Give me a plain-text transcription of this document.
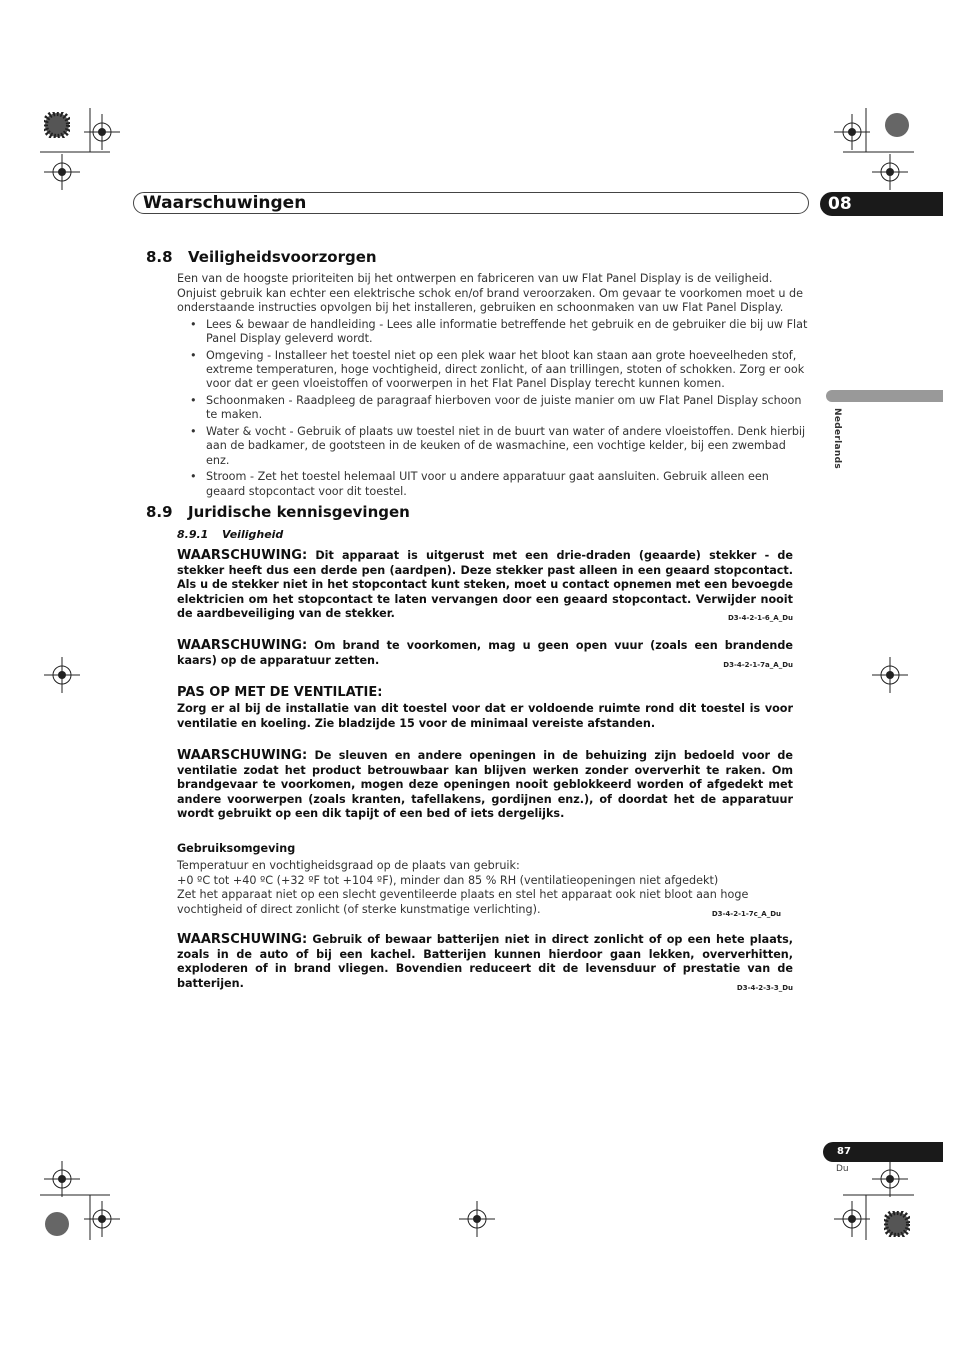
Waarschuwingen	08
Nederlands
8.8 Veiligheidsvoorzorgen

Een van de hoogste prioriteiten bij het ontwerpen en fabriceren van uw Flat Panel Display is de veiligheid. Onjuist gebruik kan echter een elektrische schok en/of brand veroorzaken. Om gevaar te voorkomen moet u de onderstaande instructies opvolgen bij het installeren, gebruiken en schoonmaken van uw Flat Panel Display.

• Lees & bewaar de handleiding - Lees alle informatie betreffende het gebruik en de gebruiker die bij uw Flat Panel Display geleverd wordt.
• Omgeving - Installeer het toestel niet op een plek waar het bloot kan staan aan grote hoeveelheden stof, extreme temperaturen, hoge vochtigheid, direct zonlicht, of aan trillingen, stoten of schokken. Zorg er ook voor dat er geen vloeistoffen of voorwerpen in het Flat Panel Display terecht kunnen komen.
• Schoonmaken - Raadpleeg de paragraaf hierboven voor de juiste manier om uw Flat Panel Display schoon te maken.
• Water & vocht - Gebruik of plaats uw toestel niet in de buurt van water of andere vloeistoffen. Denk hierbij aan de badkamer, de gootsteen in de keuken of de wasmachine, een vochtige kelder, bij een zwembad enz.
• Stroom - Zet het toestel helemaal UIT voor u andere apparatuur gaat aansluiten. Gebruik alleen een geaard stopcontact voor dit toestel.
8.9 Juridische kennisgevingen
8.9.1 Veiligheid

WAARSCHUWING: Dit apparaat is uitgerust met een drie-draden (geaarde) stekker - de stekker heeft dus een derde pen (aardpen). Deze stekker past alleen in een geaard stopcontact. Als u de stekker niet in het stopcontact kunt steken, moet u contact opnemen met een bevoegde elektricien om het stopcontact te laten vervangen door een geaard stopcontact. Verwijder nooit de aardbeveiliging van de stekker.	D3-4-2-1-6_A_Du

WAARSCHUWING: Om brand te voorkomen, mag u geen open vuur (zoals een brandende kaars) op de apparatuur zetten.	D3-4-2-1-7a_A_Du

PAS OP MET DE VENTILATIE:

Zorg er al bij de installatie van dit toestel voor dat er voldoende ruimte rond dit toestel is voor ventilatie en koeling. Zie bladzijde 15 voor de minimaal vereiste afstanden.

WAARSCHUWING: De sleuven en andere openingen in de behuizing zijn bedoeld voor de ventilatie zodat het product betrouwbaar kan blijven werken zonder oververhit te raken. Om brandgevaar te voorkomen, mogen deze openingen nooit geblokkeerd worden of afgedekt met andere voorwerpen (zoals kranten, tafellakens, gordijnen enz.), of doordat het de apparatuur wordt gebruikt op een dik tapijt of een bed of iets dergelijks.

Gebruiksomgeving

Temperatuur en vochtigheidsgraad op de plaats van gebruik:
+0 ºC tot +40 ºC (+32 ºF tot +104 ºF), minder dan 85 % RH (ventilatieopeningen niet afgedekt)
Zet het apparaat niet op een slecht geventileerde plaats en stel het apparaat ook niet bloot aan hoge vochtigheid of direct zonlicht (of sterke kunstmatige verlichting).	D3-4-2-1-7c_A_Du

WAARSCHUWING: Gebruik of bewaar batterijen niet in direct zonlicht of op een hete plaats, zoals in de auto of bij een kachel. Batterijen kunnen hierdoor gaan lekken, oververhitten, exploderen of in brand vliegen. Bovendien reduceert dit de levensduur of prestatie van de batterijen.	D3-4-2-3-3_Du

87
Du
